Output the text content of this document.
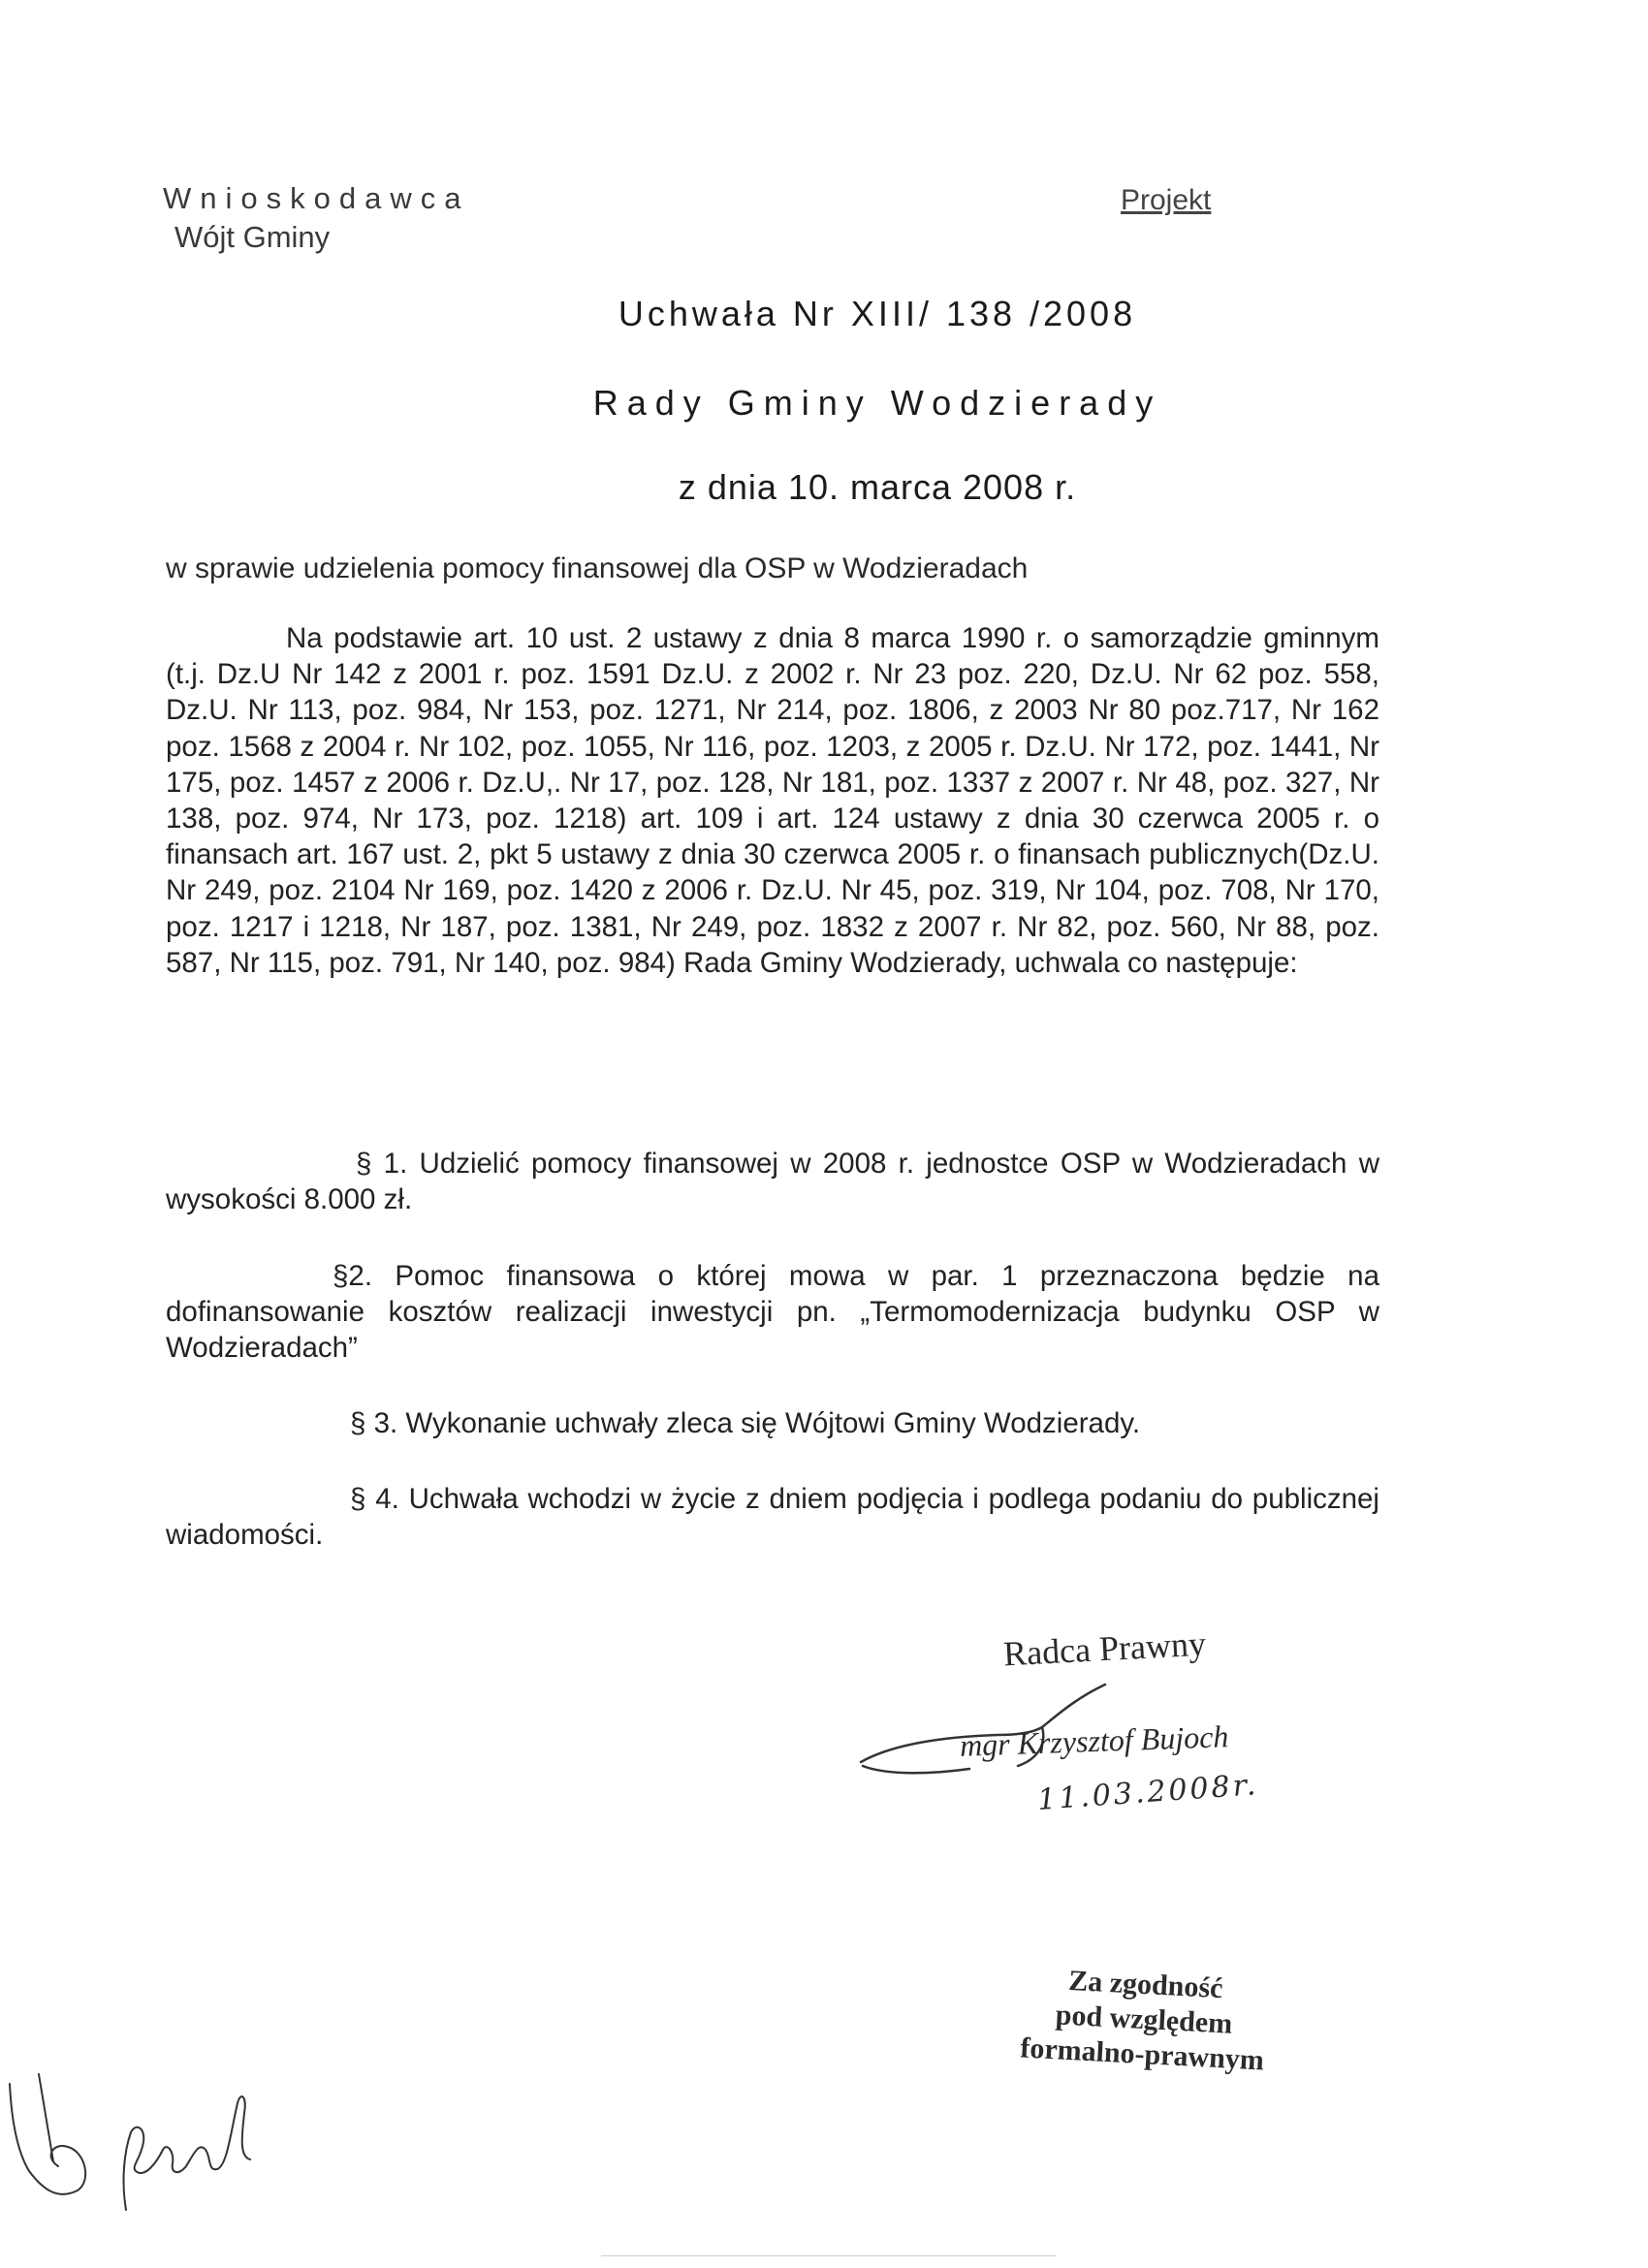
Wnioskodawca
Wójt Gminy
Projekt
Uchwała Nr XIII/ 138 /2008
Rady Gminy Wodzierady
z dnia 10. marca 2008 r.
w sprawie udzielenia pomocy finansowej dla OSP w Wodzieradach
Na podstawie art. 10 ust. 2 ustawy z dnia 8 marca 1990 r. o samorządzie gminnym (t.j. Dz.U Nr 142 z 2001 r. poz. 1591 Dz.U. z 2002 r. Nr 23 poz. 220, Dz.U. Nr 62 poz. 558, Dz.U. Nr 113, poz. 984, Nr 153, poz. 1271, Nr 214, poz. 1806, z 2003 Nr 80 poz.717, Nr 162 poz. 1568 z 2004 r. Nr 102, poz. 1055, Nr 116, poz. 1203, z 2005 r. Dz.U. Nr 172, poz. 1441, Nr 175, poz. 1457 z 2006 r. Dz.U,. Nr 17, poz. 128, Nr 181, poz. 1337 z 2007 r. Nr 48, poz. 327, Nr 138, poz. 974, Nr 173, poz. 1218) art. 109 i art. 124 ustawy z dnia 30 czerwca 2005 r. o finansach art. 167 ust. 2, pkt 5 ustawy z dnia 30 czerwca 2005 r. o finansach publicznych(Dz.U. Nr 249, poz. 2104 Nr 169, poz. 1420 z 2006 r. Dz.U. Nr 45, poz. 319, Nr 104, poz. 708, Nr 170, poz. 1217 i 1218, Nr 187, poz. 1381, Nr 249, poz. 1832 z 2007 r. Nr 82, poz. 560, Nr 88, poz. 587, Nr 115, poz. 791, Nr 140, poz. 984) Rada Gminy Wodzierady, uchwala co następuje:
§ 1. Udzielić pomocy finansowej w 2008 r. jednostce OSP w Wodzieradach w wysokości 8.000 zł.
§2. Pomoc finansowa o której mowa w par. 1 przeznaczona będzie na dofinansowanie kosztów realizacji inwestycji pn. „Termomodernizacja budynku OSP w Wodzieradach”
§ 3. Wykonanie uchwały zleca się Wójtowi Gminy Wodzierady.
§ 4. Uchwała wchodzi w życie z dniem podjęcia i podlega podaniu do publicznej wiadomości.
Radca Prawny
mgr Krzysztof Bujoch
11.03.2008r.
Za zgodność
pod względem
formalno-prawnym
